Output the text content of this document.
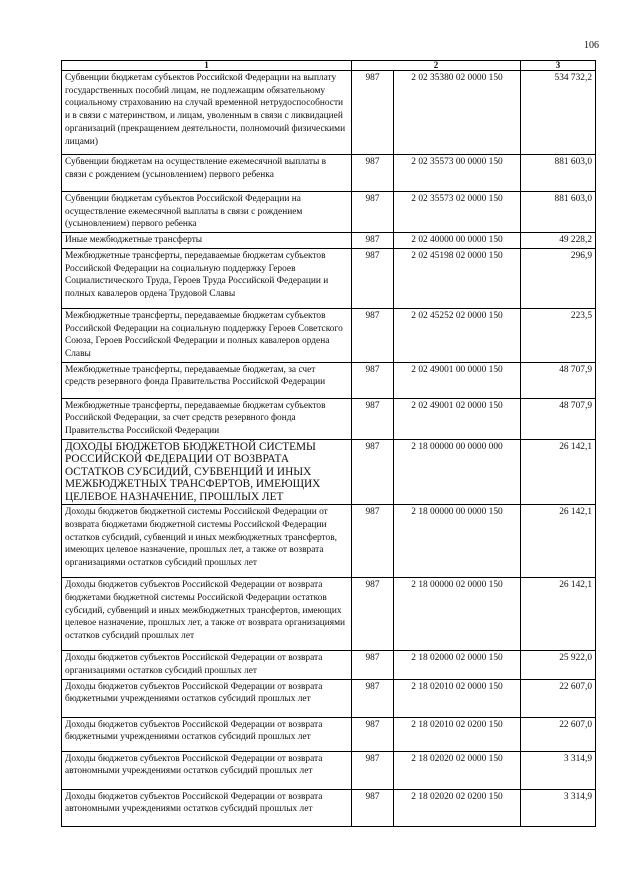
106
1	2		3
Субвенции бюджетам субъектов Российской Федерации на выплату государственных пособий лицам, не подлежащим обязательному социальному страхованию на случай временной нетрудоспособности и в связи с материнством, и лицам, уволенным в связи с ликвидацией организаций (прекращением деятельности, полномочий физическими лицами)	987	2 02 35380 02 0000 150	534 732,2
Субвенции бюджетам на осуществление ежемесячной выплаты в связи с рождением (усыновлением) первого ребенка	987	2 02 35573 00 0000 150	881 603,0
Субвенции бюджетам субъектов Российской Федерации на осуществление ежемесячной выплаты в связи с рождением (усыновлением) первого ребенка	987	2 02 35573 02 0000 150	881 603,0
Иные межбюджетные трансферты	987	2 02 40000 00 0000 150	49 228,2
Межбюджетные трансферты, передаваемые бюджетам субъектов Российской Федерации на социальную поддержку Героев Социалистического Труда, Героев Труда Российской Федерации и полных кавалеров ордена Трудовой Славы	987	2 02 45198 02 0000 150	296,9
Межбюджетные трансферты, передаваемые бюджетам субъектов Российской Федерации на социальную поддержку Героев Советского Союза, Героев Российской Федерации и полных кавалеров ордена Славы	987	2 02 45252 02 0000 150	223,5
Межбюджетные трансферты, передаваемые бюджетам, за счет средств резервного фонда Правительства Российской Федерации	987	2 02 49001 00 0000 150	48 707,9
Межбюджетные трансферты, передаваемые бюджетам субъектов Российской Федерации, за счет средств резервного фонда Правительства Российской Федерации	987	2 02 49001 02 0000 150	48 707,9
ДОХОДЫ БЮДЖЕТОВ БЮДЖЕТНОЙ СИСТЕМЫ РОССИЙСКОЙ ФЕДЕРАЦИИ ОТ ВОЗВРАТА ОСТАТКОВ СУБСИДИЙ, СУБВЕНЦИЙ И ИНЫХ МЕЖБЮДЖЕТНЫХ ТРАНСФЕРТОВ, ИМЕЮЩИХ ЦЕЛЕВОЕ НАЗНАЧЕНИЕ, ПРОШЛЫХ ЛЕТ	987	2 18 00000 00 0000 000	26 142,1
Доходы бюджетов бюджетной системы Российской Федерации от возврата бюджетами бюджетной системы Российской Федерации остатков субсидий, субвенций и иных межбюджетных трансфертов, имеющих целевое назначение, прошлых лет, а также от возврата организациями остатков субсидий прошлых лет	987	2 18 00000 00 0000 150	26 142,1
Доходы бюджетов субъектов Российской Федерации от возврата бюджетами бюджетной системы Российской Федерации остатков субсидий, субвенций и иных межбюджетных трансфертов, имеющих целевое назначение, прошлых лет, а также от возврата организациями остатков субсидий прошлых лет	987	2 18 00000 02 0000 150	26 142,1
Доходы бюджетов субъектов Российской Федерации от возврата организациями остатков субсидий прошлых лет	987	2 18 02000 02 0000 150	25 922,0
Доходы бюджетов субъектов Российской Федерации от возврата бюджетными учреждениями остатков субсидий прошлых лет	987	2 18 02010 02 0000 150	22 607,0
Доходы бюджетов субъектов Российской Федерации от возврата бюджетными учреждениями остатков субсидий прошлых лет	987	2 18 02010 02 0200 150	22 607,0
Доходы бюджетов субъектов Российской Федерации от возврата автономными учреждениями остатков субсидий прошлых лет	987	2 18 02020 02 0000 150	3 314,9
Доходы бюджетов субъектов Российской Федерации от возврата автономными учреждениями остатков субсидий прошлых лет	987	2 18 02020 02 0200 150	3 314,9
